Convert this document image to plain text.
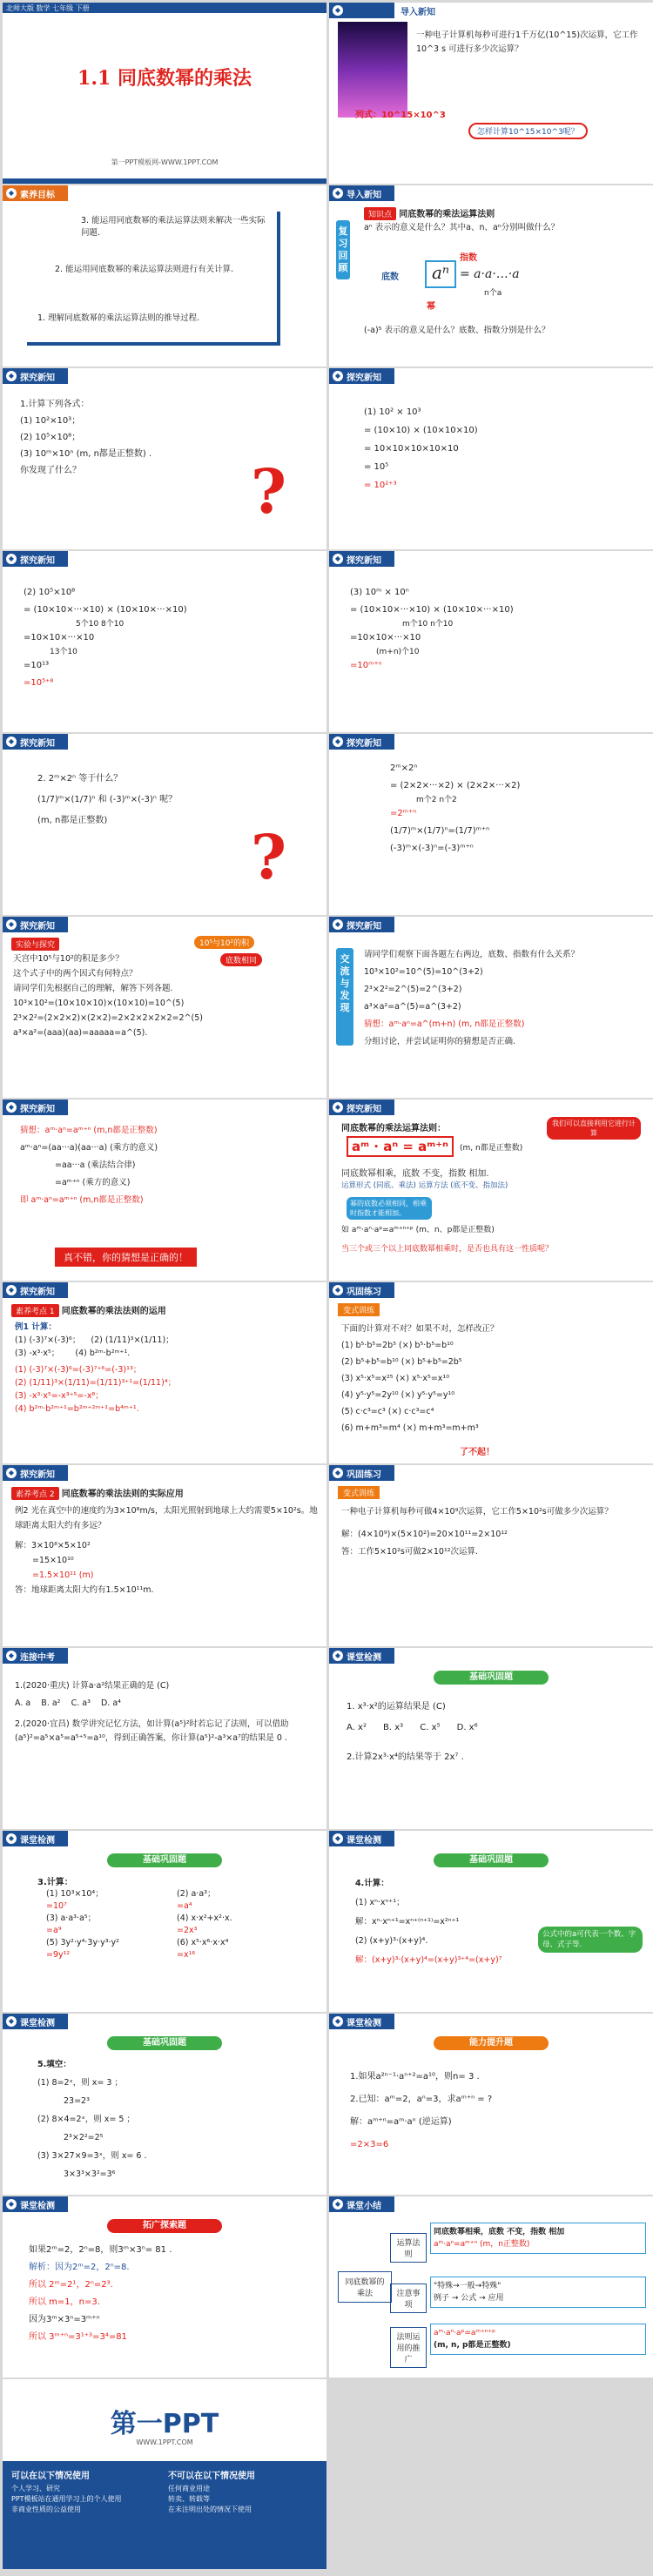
北师大版 数学 七年级 下册
1.1 同底数幂的乘法
第一PPT模板网-WWW.1PPT.COM
◆	导入新知
一种电子计算机每秒可进行1千万亿(10^15)次运算，它工作10^3 s 可进行多少次运算？
列式：10^15×10^3
怎样计算10^15×10^3呢？
◆ 素养目标
3. 能运用同底数幂的乘法运算法则来解决一些实际问题.
2. 能运用同底数幂的乘法运算法则进行有关计算.
1. 理解同底数幂的乘法运算法则的推导过程.
◆ 导入新知
复习回顾
知识点 同底数幂的乘法运算法则
aⁿ 表示的意义是什么？其中a、n、aⁿ分别叫做什么？
底数
指数
aⁿ = a·a·…·a
n个a
幂
(-a)⁵ 表示的意义是什么？底数、指数分别是什么？
◆ 探究新知
1.计算下列各式：
(1) 10²×10³；
(2) 10⁵×10⁸；
(3) 10ᵐ×10ⁿ (m, n都是正整数) .
你发现了什么？	?
◆ 探究新知
(1) 10² × 10³
= (10×10) × (10×10×10)
= 10×10×10×10×10
= 10⁵
= 10²⁺³
◆ 探究新知
(2) 10⁵×10⁸
= (10×10×···×10) × (10×10×···×10)
5个10 8个10
=10×10×···×10
13个10
=10¹³
=10⁵⁺⁸
◆ 探究新知
(3) 10ᵐ × 10ⁿ
= (10×10×···×10) × (10×10×···×10)
m个10 n个10
=10×10×···×10
(m+n)个10
=10ᵐ⁺ⁿ
◆ 探究新知
2. 2ᵐ×2ⁿ 等于什么？
(1/7)ᵐ×(1/7)ⁿ 和 (-3)ᵐ×(-3)ⁿ 呢？
(m, n都是正整数)
?
◆ 探究新知
2ᵐ×2ⁿ
= (2×2×···×2) × (2×2×···×2)
m个2 n个2
=2ᵐ⁺ⁿ
(1/7)ᵐ×(1/7)ⁿ=(1/7)ᵐ⁺ⁿ
(-3)ᵐ×(-3)ⁿ=(-3)ᵐ⁺ⁿ
◆ 探究新知
实验与探究	10⁵与10²的积
底数相同
天宫中10⁵与10²的积是多少？
这个式子中的两个因式有何特点？
请同学们先根据自己的理解，解答下列各题.
10³×10²=(10×10×10)×(10×10)=10^(5)
2³×2²=(2×2×2)×(2×2)=2×2×2×2×2=2^(5)
a³×a²=(aaa)(aa)=aaaaa=a^(5).
◆ 探究新知
交流与发现
请同学们观察下面各题左右两边，底数、指数有什么关系？
10³×10²=10^(5)=10^(3+2)
2³×2²=2^(5)=2^(3+2)
a³×a²=a^(5)=a^(3+2)
猜想：aᵐ·aⁿ=a^(m+n) (m, n都是正整数)
分组讨论，并尝试证明你的猜想是否正确.
◆ 探究新知
猜想：aᵐ·aⁿ=aᵐ⁺ⁿ (m,n都是正整数)
aᵐ·aⁿ=(aa···a)(aa···a) (乘方的意义)
=aa···a (乘法结合律)
=aᵐ⁺ⁿ (乘方的意义)
即 aᵐ·aⁿ=aᵐ⁺ⁿ (m,n都是正整数)
真不错，你的猜想是正确的！
◆ 探究新知
同底数幂的乘法运算法则：
我们可以直接利用它进行计算
aᵐ · aⁿ = aᵐ⁺ⁿ	(m, n都是正整数)
同底数幂相乘，底数 不变，指数 相加.
运算形式 (同底、乘法) 运算方法 (底不变、指加法)
幂的底数必须相同，相乘时指数才能相加。
如 aᵐ·aⁿ·aᵖ=aᵐ⁺ⁿ⁺ᵖ (m、n、p都是正整数)
当三个或三个以上同底数幂相乘时，是否也具有这一性质呢？
◆ 探究新知
素养考点 1 同底数幂的乘法法则的运用
例1 计算：
(1) (-3)⁷×(-3)⁶； (2) (1/11)³×(1/11)；
(3) -x³·x⁵； (4) b²ᵐ·b²ᵐ⁺¹.
(1) (-3)⁷×(-3)⁶=(-3)⁷⁺⁶=(-3)¹³；
(2) (1/11)³×(1/11)=(1/11)³⁺¹=(1/11)⁴；
(3) -x³·x⁵=-x³⁺⁵=-x⁸；
(4) b²ᵐ·b²ᵐ⁺¹=b²ᵐ⁺²ᵐ⁺¹=b⁴ᵐ⁺¹.
◆ 巩固练习
变式训练
下面的计算对不对？如果不对，怎样改正？
(1) b⁵·b⁵=2b⁵ (×) b⁵·b⁵=b¹⁰
(2) b⁵+b⁵=b¹⁰ (×) b⁵+b⁵=2b⁵
(3) x⁵·x⁵=x²⁵ (×) x⁵·x⁵=x¹⁰
(4) y⁵·y⁵=2y¹⁰ (×) y⁵·y⁵=y¹⁰
(5) c·c³=c³ (×) c·c³=c⁴
(6) m+m³=m⁴ (×) m+m³=m+m³
了不起！
◆ 探究新知
素养考点 2 同底数幂的乘法法则的实际应用
例2 光在真空中的速度约为3×10⁸m/s，太阳光照射到地球上大约需要5×10²s。地球距离太阳大约有多远？
解：3×10⁸×5×10²
=15×10¹⁰
=1.5×10¹¹ (m)
答：地球距离太阳大约有1.5×10¹¹m.
◆ 巩固练习
变式训练
一种电子计算机每秒可做4×10⁹次运算，它工作5×10²s可做多少次运算？
解：(4×10⁹)×(5×10²)=20×10¹¹=2×10¹²
答：工作5×10²s可做2×10¹²次运算.
◆ 连接中考
1.(2020·重庆) 计算a·a²结果正确的是 (C)
A. a B. a² C. a³ D. a⁴
2.(2020·宜昌) 数学讲究记忆方法，如计算(a⁵)²时若忘记了法则，可以借助(a⁵)²=a⁵×a⁵=a⁵⁺⁵=a¹⁰，得到正确答案，你计算(a⁵)²-a³×a⁷的结果是 0 .
◆ 课堂检测
基础巩固题
1. x³·x²的运算结果是 (C)
A. x² B. x³ C. x⁵ D. x⁶
2.计算2x³·x⁴的结果等于 2x⁷ .
◆ 课堂检测
基础巩固题
3.计算：
(1) 10³×10⁴；
=10⁷
(3) a·a³·a⁵；
=a⁹
(5) 3y²·y⁴·3y·y³·y²
=9y¹²
(2) a·a³；
=a⁴
(4) x·x²+x²·x.
=2x³
(6) x⁵·x⁶·x·x⁴
=x¹⁶
◆ 课堂检测
基础巩固题
4.计算：
(1) xⁿ·xⁿ⁺¹；
解：xⁿ·xⁿ⁺¹=xⁿ⁺⁽ⁿ⁺¹⁾=x²ⁿ⁺¹
(2) (x+y)³·(x+y)⁴.
解：(x+y)³·(x+y)⁴=(x+y)³⁺⁴=(x+y)⁷
公式中的a可代表一个数、字母、式子等.
◆ 课堂检测
基础巩固题
5.填空：
(1) 8=2ˣ，则 x= 3 ；
23=2³
(2) 8×4=2ˣ，则 x= 5 ；
2³×2²=2⁵
(3) 3×27×9=3ˣ，则 x= 6 .
3×3³×3²=3⁶
◆ 课堂检测
能力提升题
1.如果a²ⁿ⁻¹·aⁿ⁺²=a¹⁰，则n= 3 .
2.已知：aᵐ=2，aⁿ=3，求aᵐ⁺ⁿ = ?
解：aᵐ⁺ⁿ=aᵐ·aⁿ (逆运算)
=2×3=6
◆ 课堂检测
拓广探索题
如果2ᵐ=2，2ⁿ=8，则3ᵐ×3ⁿ= 81 .
解析：因为2ᵐ=2，2ⁿ=8.
所以 2ᵐ=2¹，2ⁿ=2³.
所以 m=1，n=3.
因为3ᵐ×3ⁿ=3ᵐ⁺ⁿ
所以 3ᵐ⁺ⁿ=3¹⁺³=3⁴=81
◆ 课堂小结
同底数幂的乘法
运算法则
注意事项
法则运用的推广
同底数幂相乘，底数 不变，指数 相加
aᵐ·aⁿ=aᵐ⁺ⁿ (m，n正整数)
"特殊→一般→特殊"
例子 → 公式 → 应用
aᵐ·aⁿ·aᵖ=aᵐ⁺ⁿ⁺ᵖ
(m, n, p都是正整数)
第一PPT
WWW.1PPT.COM
可以在以下情况使用	不可以在以下情况使用
个人学习、研究
PPT模板站在通用学习上的个人使用
非商业性质的公益使用
任何商业用途
转卖、转载等
在未注明出处的情况下使用
